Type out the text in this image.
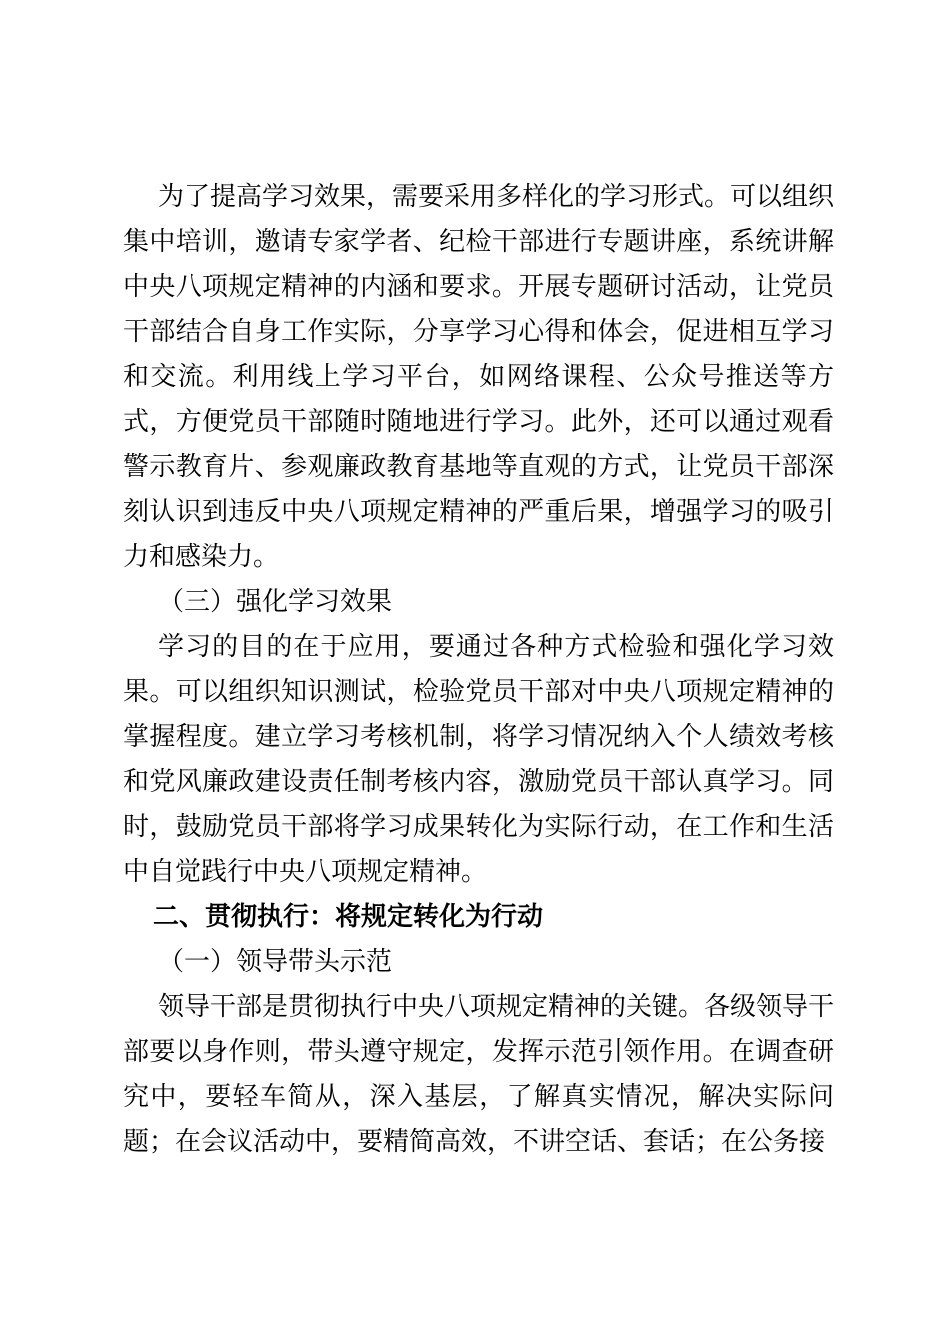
为了提高学习效果，需要采用多样化的学习形式。可以组织集中培训，邀请专家学者、纪检干部进行专题讲座，系统讲解中央八项规定精神的内涵和要求。开展专题研讨活动，让党员干部结合自身工作实际，分享学习心得和体会，促进相互学习和交流。利用线上学习平台，如网络课程、公众号推送等方式，方便党员干部随时随地进行学习。此外，还可以通过观看警示教育片、参观廉政教育基地等直观的方式，让党员干部深刻认识到违反中央八项规定精神的严重后果，增强学习的吸引力和感染力。

（三）强化学习效果

学习的目的在于应用，要通过各种方式检验和强化学习效果。可以组织知识测试，检验党员干部对中央八项规定精神的掌握程度。建立学习考核机制，将学习情况纳入个人绩效考核和党风廉政建设责任制考核内容，激励党员干部认真学习。同时，鼓励党员干部将学习成果转化为实际行动，在工作和生活中自觉践行中央八项规定精神。

二、贯彻执行：将规定转化为行动

（一）领导带头示范

领导干部是贯彻执行中央八项规定精神的关键。各级领导干部要以身作则，带头遵守规定，发挥示范引领作用。在调查研究中，要轻车简从，深入基层，了解真实情况，解决实际问题；在会议活动中，要精简高效，不讲空话、套话；在公务接
